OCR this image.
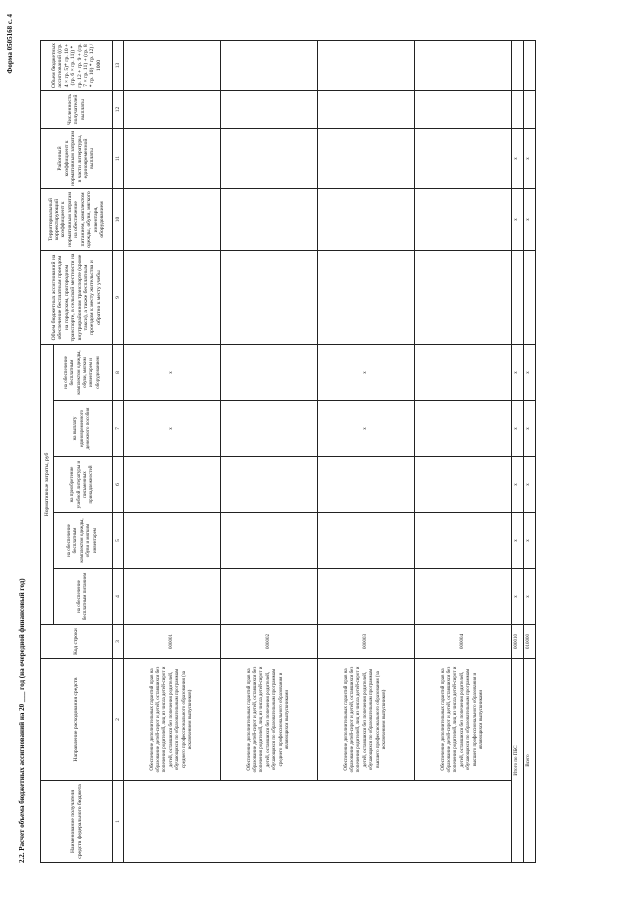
Форма 0505168 с. 4
2.2. Расчет объема бюджетных ассигнований на 20 ___ год (на очередной финансовый год)	Наименование получателя средств федерального бюджета	Направление расходования средств	Код строки	Нормативные затраты, руб					Объем бюджетных ассигнований на обеспечение бесплатным проездом на городском, пригородном транспорте, в сельской местности на внутрирайонном транспорте (кроме такси), а также бесплатным проездом к месту жительства и обратно к месту учебы	Территориальный корректирующий коэффициент к нормативным затратам на обеспечение питанием, комплектом одежды, обуви, мягкого инвентаря, оборудованием	Районный коэффициент к нормативным затратам в части литературы, единовременной выплаты	Численность получателей выплаты	Объем бюджетных ассигнований ((гр. 4 × гр. 5)* гр. 10 + (гр. 6 × гр. 11)) * гр. 12 + гр. 9 + (гр. 7 × гр. 11) + (гр. 8 * гр. 10) * гр. 12) / 1000
			на обеспечение бесплатным питанием	на обеспечение бесплатным комплектом одежды, обуви и мягким инвентарем	на приобретение учебной литературы и письменных принадлежностей	на выплату единовременного денежного пособия	на обеспечение бесплатным комплектом одежды, обуви, мягким инвентарем и оборудованием					
1	2	3	4	5	6	7	8	9	10	11	12	13
	Обеспечение дополнительных гарантий прав на образование детей-сирот и детей, оставшихся без попечения родителей, лиц из числа детей-сирот и детей, оставшихся без попечения родителей, обучающихся по образовательным программам среднего профессионального образования (за исключением выпускников)	000001				x	x					
	Обеспечение дополнительных гарантий прав на образование детей-сирот и детей, оставшихся без попечения родителей, лиц из числа детей-сирот и детей, оставшихся без попечения родителей, обучающихся по образовательным программам среднего профессионального образования и являющихся выпускниками	000002										
	Обеспечение дополнительных гарантий прав на образование детей-сирот и детей, оставшихся без попечения родителей, лиц из числа детей-сирот и детей, оставшихся без попечения родителей, обучающихся по образовательным программам высшего профессионального образования (за исключением выпускников)	000003				x	x					
	Обеспечение дополнительных гарантий прав на образование детей-сирот и детей, оставшихся без попечения родителей, лиц из числа детей-сирот и детей, оставшихся без попечения родителей, обучающихся по образовательным программам высшего профессионального образования и являющихся выпускниками	000004										
Итого по ПБС		000010	x	x	x	x	x		x	x		
Всего		010000	x	x	x	x	x		x	x		
